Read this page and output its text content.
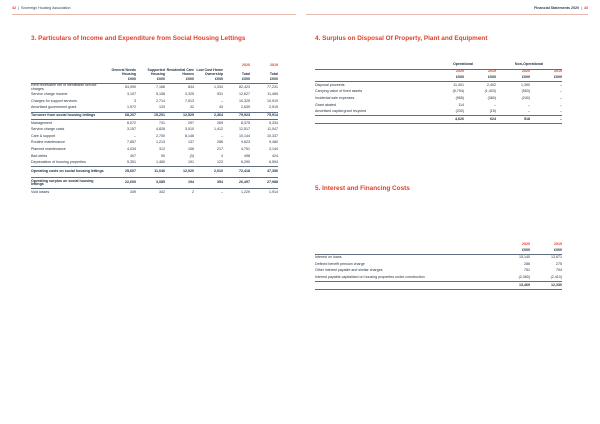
42  |  Sovereign Housing Association	Financial Statements 2020  |  43
3. Particulars of Income and Expenditure from Social Housing Lettings
					2020	2019
	General Needs Housing	Supported Housing	Residential Care Homes	Low Cost Home Ownership	Total	Total
	£000	£000	£000	£000	£000	£000
Rent receivable net of identifiable service charges	63,090	7,166	834	1,334	82,423	77,231
Service charge income	3,107	5,158	3,325	931	12,627	11,469
Charges for support services	3	2,714	7,513	–	10,325	10,919
Amortised government grant	1,972	133	32	43	2,639	2,515
Turnover from social housing lettings	68,207	15,201	12,529	2,364	79,923	75,914
Management	6,072	741	297	269	8,375	5,334
Service charge costs	3,157	4,828	3,010	1,412	12,517	11,047
Care & support	–	2,700	8,146	–	10,144	10,337
Routine maintenance	7,857	1,213	137	286	9,623	9,480
Planned maintenance	4,034	312	106	217	4,751	3,144
Bad debts	407	90	(3)	4	498	424
Depreciation of housing properties	5,351	1,460	191	123	6,290	6,594
Operating costs on social housing lettings	25,607	11,046	12,020	2,010	72,418	47,356
Operating surplus on social housing lettings	22,600	3,085	194	354	26,497	27,988
Void losses	349	342	2	–	1,229	1,914
4. Surplus on Disposal Of Property, Plant and Equipment
	Operational		Non-Operational	
	2020	2019	2020	2019
	£000	£000	£000	£000
Disposal proceeds	11,401	2,402	1,390	–
Carrying value of fixed assets	(5,794)	(1,403)	(553)	–
Incidental sale expenses	(965)	(360)	(240)	–
Grant abated	114	–	–	–
Amortised capital grant recycled	(230)	(15)	–	–
	4,626	624	518	–
5. Interest and Financing Costs
	2020	2019
	£000	£000
Interest on loans	15,140	13,671
Defined benefit pension charge	286	275
Other interest payable and similar charges	751	794
Interest payable capitalised on housing properties under construction	(2,060)	(2,410)
	13,469	12,330
